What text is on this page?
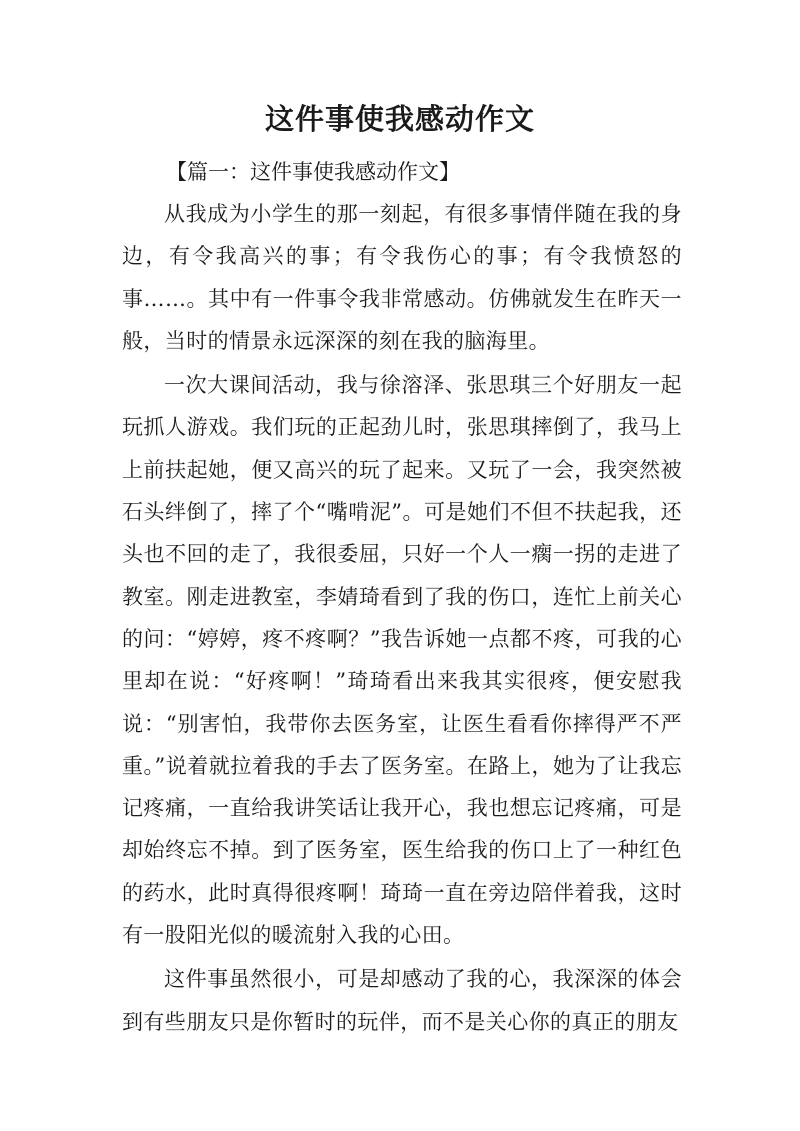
这件事使我感动作文

【篇一：这件事使我感动作文】

从我成为小学生的那一刻起，有很多事情伴随在我的身边，有令我高兴的事；有令我伤心的事；有令我愤怒的事……。其中有一件事令我非常感动。仿佛就发生在昨天一般，当时的情景永远深深的刻在我的脑海里。

一次大课间活动，我与徐溶泽、张思琪三个好朋友一起玩抓人游戏。我们玩的正起劲儿时，张思琪摔倒了，我马上上前扶起她，便又高兴的玩了起来。又玩了一会，我突然被石头绊倒了，摔了个“嘴啃泥”。可是她们不但不扶起我，还头也不回的走了，我很委屈，只好一个人一瘸一拐的走进了教室。刚走进教室，李婧琦看到了我的伤口，连忙上前关心的问：“婷婷，疼不疼啊？”我告诉她一点都不疼，可我的心里却在说：“好疼啊！”琦琦看出来我其实很疼，便安慰我说：“别害怕，我带你去医务室，让医生看看你摔得严不严重。”说着就拉着我的手去了医务室。在路上，她为了让我忘记疼痛，一直给我讲笑话让我开心，我也想忘记疼痛，可是却始终忘不掉。到了医务室，医生给我的伤口上了一种红色的药水，此时真得很疼啊！琦琦一直在旁边陪伴着我，这时有一股阳光似的暖流射入我的心田。

这件事虽然很小，可是却感动了我的心，我深深的体会到有些朋友只是你暂时的玩伴，而不是关心你的真正的朋友
